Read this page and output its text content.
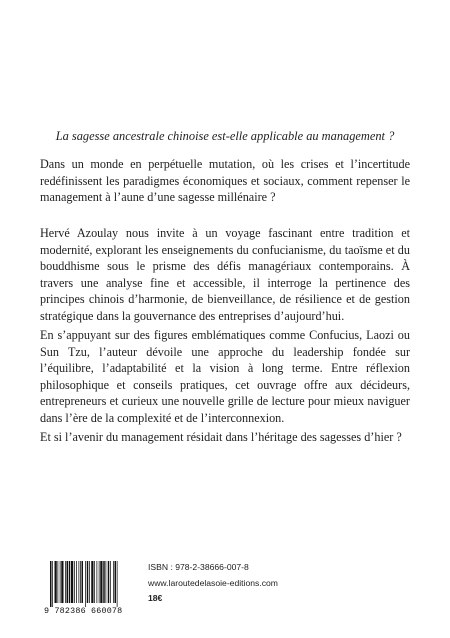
La sagesse ancestrale chinoise est-elle applicable au management ?

Dans un monde en perpétuelle mutation, où les crises et l’incertitude redéfinissent les paradigmes économiques et sociaux, comment repenser le management à l’aune d’une sagesse millénaire ?

Hervé Azoulay nous invite à un voyage fascinant entre tradition et modernité, explorant les enseignements du confucianisme, du taoïsme et du bouddhisme sous le prisme des défis managériaux contemporains. À travers une analyse fine et accessible, il interroge la pertinence des principes chinois d’harmonie, de bienveillance, de résilience et de gestion stratégique dans la gouvernance des entreprises d’aujourd’hui.

En s’appuyant sur des figures emblématiques comme Confucius, Laozi ou Sun Tzu, l’auteur dévoile une approche du leadership fondée sur l’équilibre, l’adaptabilité et la vision à long terme. Entre réflexion philosophique et conseils pratiques, cet ouvrage offre aux décideurs, entrepreneurs et curieux une nouvelle grille de lecture pour mieux naviguer dans l’ère de la complexité et de l’interconnexion.

Et si l’avenir du management résidait dans l’héritage des sagesses d’hier ?

9 782386 660078
ISBN : 978-2-38666-007-8
www.laroutedelasoie-editions.com
18€
